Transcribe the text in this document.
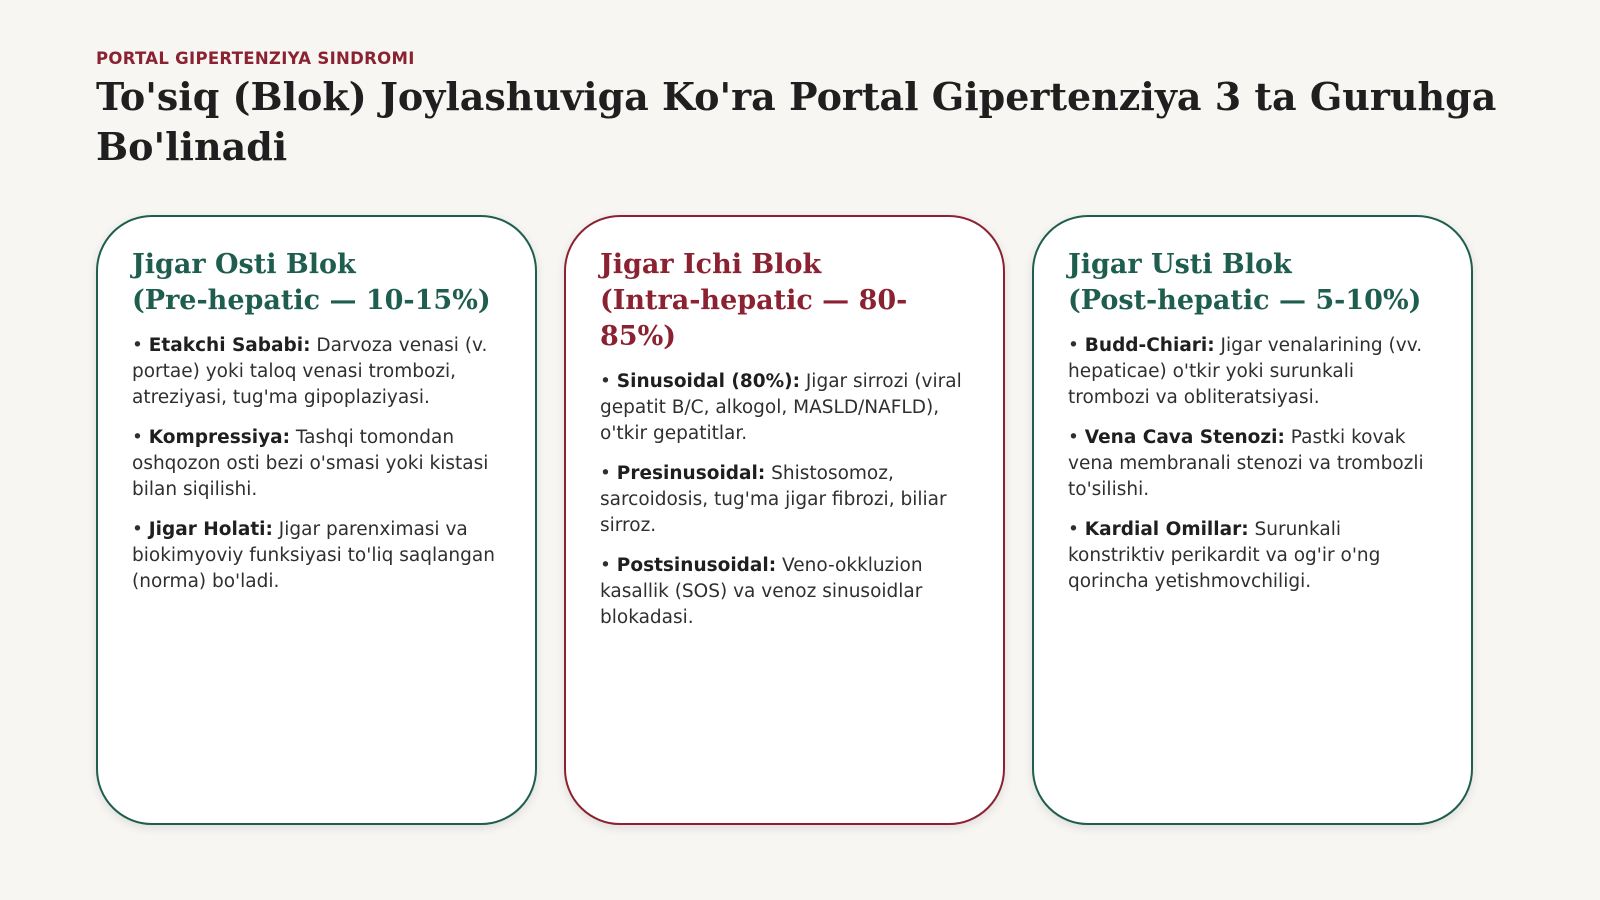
PORTAL GIPERTENZIYA SINDROMI
To'siq (Blok) Joylashuviga Ko'ra Portal Gipertenziya 3 ta Guruhga Bo'linadi
Jigar Osti Blok
(Pre-hepatic — 10-15%)

• Etakchi Sababi: Darvoza venasi (v. portae) yoki taloq venasi trombozi, atreziyasi, tug'ma gipoplaziyasi.

• Kompressiya: Tashqi tomondan oshqozon osti bezi o'smasi yoki kistasi bilan siqilishi.

• Jigar Holati: Jigar parenximasi va biokimyoviy funksiyasi to'liq saqlangan (norma) bo'ladi.

Jigar Ichi Blok
(Intra-hepatic — 80-85%)

• Sinusoidal (80%): Jigar sirrozi (viral gepatit B/C, alkogol, MASLD/NAFLD), o'tkir gepatitlar.

• Presinusoidal: Shistosomoz, sarcoidosis, tug'ma jigar fibrozi, biliar sirroz.

• Postsinusoidal: Veno-okkluzion kasallik (SOS) va venoz sinusoidlar blokadasi.

Jigar Usti Blok
(Post-hepatic — 5-10%)

• Budd-Chiari: Jigar venalarining (vv. hepaticae) o'tkir yoki surunkali trombozi va obliteratsiyasi.

• Vena Cava Stenozi: Pastki kovak vena membranali stenozi va trombozli to'silishi.

• Kardial Omillar: Surunkali konstriktiv perikardit va og'ir o'ng qorincha yetishmovchiligi.
